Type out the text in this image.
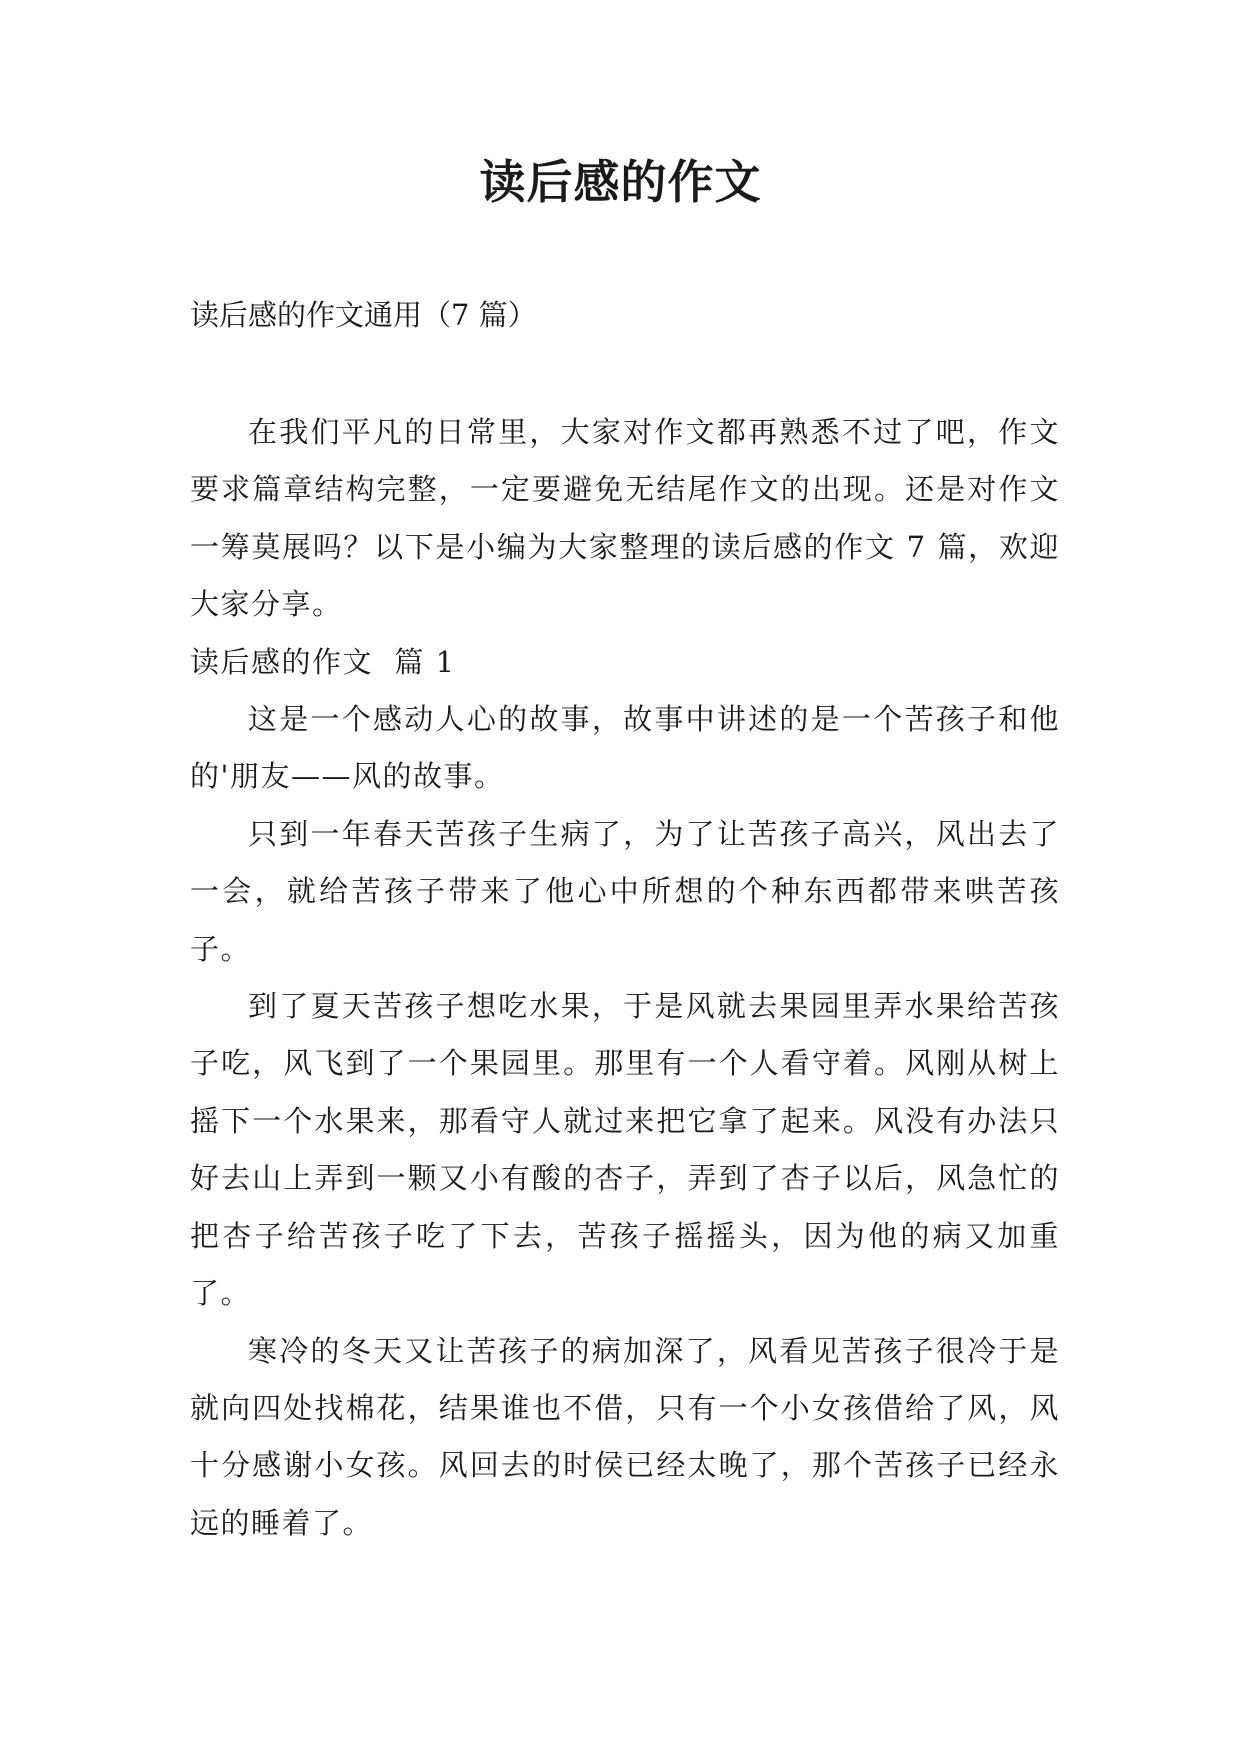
读后感的作文

读后感的作文通用（7 篇）

在我们平凡的日常里，大家对作文都再熟悉不过了吧，作文要求篇章结构完整，一定要避免无结尾作文的出现。还是对作文一筹莫展吗？以下是小编为大家整理的读后感的作文 7 篇，欢迎大家分享。

读后感的作文  篇 1

这是一个感动人心的故事，故事中讲述的是一个苦孩子和他的'朋友——风的故事。

只到一年春天苦孩子生病了，为了让苦孩子高兴，风出去了一会，就给苦孩子带来了他心中所想的个种东西都带来哄苦孩子。

到了夏天苦孩子想吃水果，于是风就去果园里弄水果给苦孩子吃，风飞到了一个果园里。那里有一个人看守着。风刚从树上摇下一个水果来，那看守人就过来把它拿了起来。风没有办法只好去山上弄到一颗又小有酸的杏子，弄到了杏子以后，风急忙的把杏子给苦孩子吃了下去，苦孩子摇摇头，因为他的病又加重了。

寒冷的冬天又让苦孩子的病加深了，风看见苦孩子很冷于是就向四处找棉花，结果谁也不借，只有一个小女孩借给了风，风十分感谢小女孩。风回去的时侯已经太晚了，那个苦孩子已经永远的睡着了。
